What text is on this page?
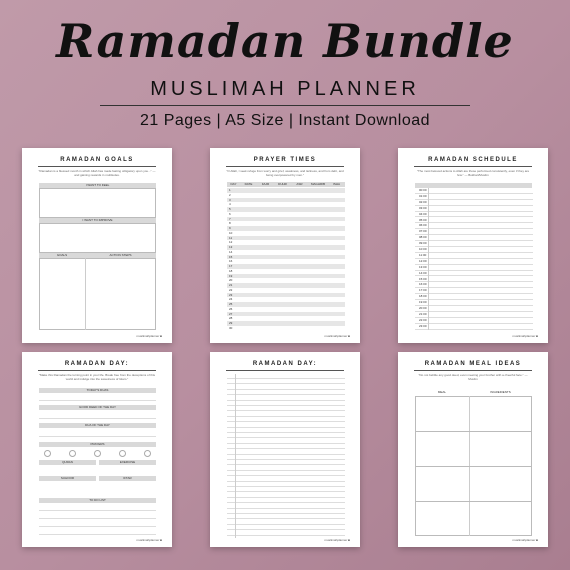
Ramadan Bundle
MUSLIMAH PLANNER
21 Pages | A5 Size | Instant Download
RAMADAN GOALS
"Ramadan is a blessed month in which Allah has made fasting obligatory upon you..." — and gaining rewards in multitudes.
I WANT TO FEEL
I WANT TO IMPROVE
GOALS	ACTION STEPS
muslimahplanner ■
PRAYER TIMES
"O Allah, I seek refuge from worry and grief, weakness, and laziness, and from debt, and being overpowered by men."
DAY	DATE	FAJR	DUHR	ASR	MAGHRIB	ISHA
1
2
3
4
5
6
7
8
9
10
11
12
13
14
15
16
17
18
19
20
21
22
23
24
25
26
27
28
29
30
muslimahplanner ■
RAMADAN SCHEDULE
"The most beloved actions to Allah are those performed consistently, even if they are few." — Bukhari/Muslim
00:00
01:00
02:00
03:00
04:00
05:00
06:00
07:00
08:00
09:00
10:00
11:00
12:00
13:00
14:00
15:00
16:00
17:00
18:00
19:00
20:00
21:00
22:00
23:00
muslimahplanner ■
RAMADAN DAY:
"Make this Ramadan the turning point in your life. Break free from the deceptions of this world and indulge into the sweetness of Islam."
TODAY'S DUAS
GOOD DEED OF THE DAY
DUA OF THE DAY
PRAYERS
QURAN	EXERCISE
SUHOOR	IFTAR
TO DO LIST
muslimahplanner ■
RAMADAN DAY:
muslimahplanner ■
RAMADAN MEAL IDEAS
"Do not belittle any good deed, even meeting your brother with a cheerful face." — Muslim
MEAL	INGREDIENTS
muslimahplanner ■
